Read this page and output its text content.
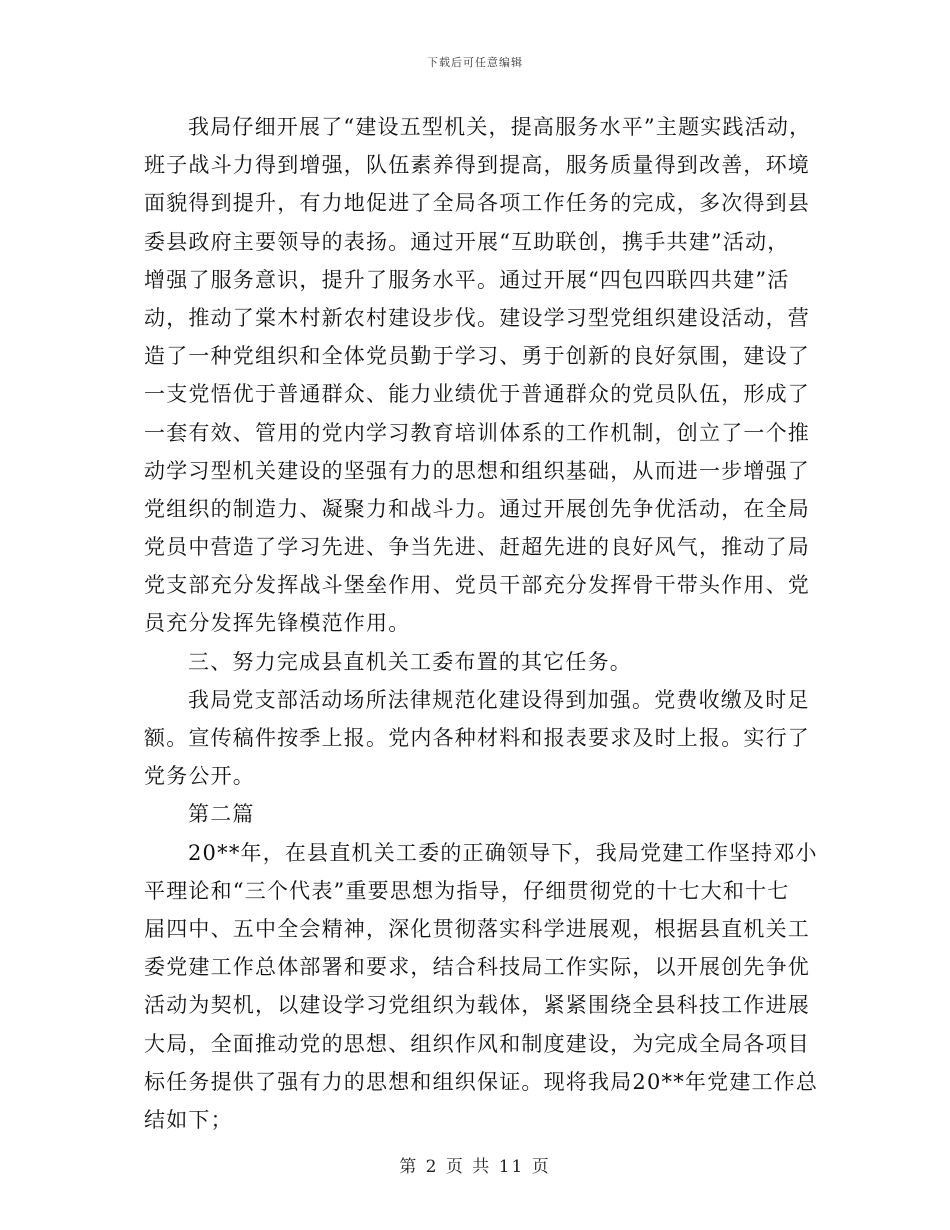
下载后可任意编辑
我局仔细开展了“建设五型机关，提高服务水平”主题实践活动，
班子战斗力得到增强，队伍素养得到提高，服务质量得到改善，环境
面貌得到提升，有力地促进了全局各项工作任务的完成，多次得到县
委县政府主要领导的表扬。通过开展“互助联创，携手共建”活动，
增强了服务意识，提升了服务水平。通过开展“四包四联四共建”活
动，推动了棠木村新农村建设步伐。建设学习型党组织建设活动，营
造了一种党组织和全体党员勤于学习、勇于创新的良好氛围，建设了
一支党悟优于普通群众、能力业绩优于普通群众的党员队伍，形成了
一套有效、管用的党内学习教育培训体系的工作机制，创立了一个推
动学习型机关建设的坚强有力的思想和组织基础，从而进一步增强了
党组织的制造力、凝聚力和战斗力。通过开展创先争优活动，在全局
党员中营造了学习先进、争当先进、赶超先进的良好风气，推动了局
党支部充分发挥战斗堡垒作用、党员干部充分发挥骨干带头作用、党
员充分发挥先锋模范作用。
三、努力完成县直机关工委布置的其它任务。
我局党支部活动场所法律规范化建设得到加强。党费收缴及时足
额。宣传稿件按季上报。党内各种材料和报表要求及时上报。实行了
党务公开。
第二篇
20**年，在县直机关工委的正确领导下，我局党建工作坚持邓小
平理论和“三个代表”重要思想为指导，仔细贯彻党的十七大和十七
届四中、五中全会精神，深化贯彻落实科学进展观，根据县直机关工
委党建工作总体部署和要求，结合科技局工作实际，以开展创先争优
活动为契机，以建设学习党组织为载体，紧紧围绕全县科技工作进展
大局，全面推动党的思想、组织作风和制度建设，为完成全局各项目
标任务提供了强有力的思想和组织保证。现将我局20**年党建工作总
结如下；
第 2 页 共 11 页
